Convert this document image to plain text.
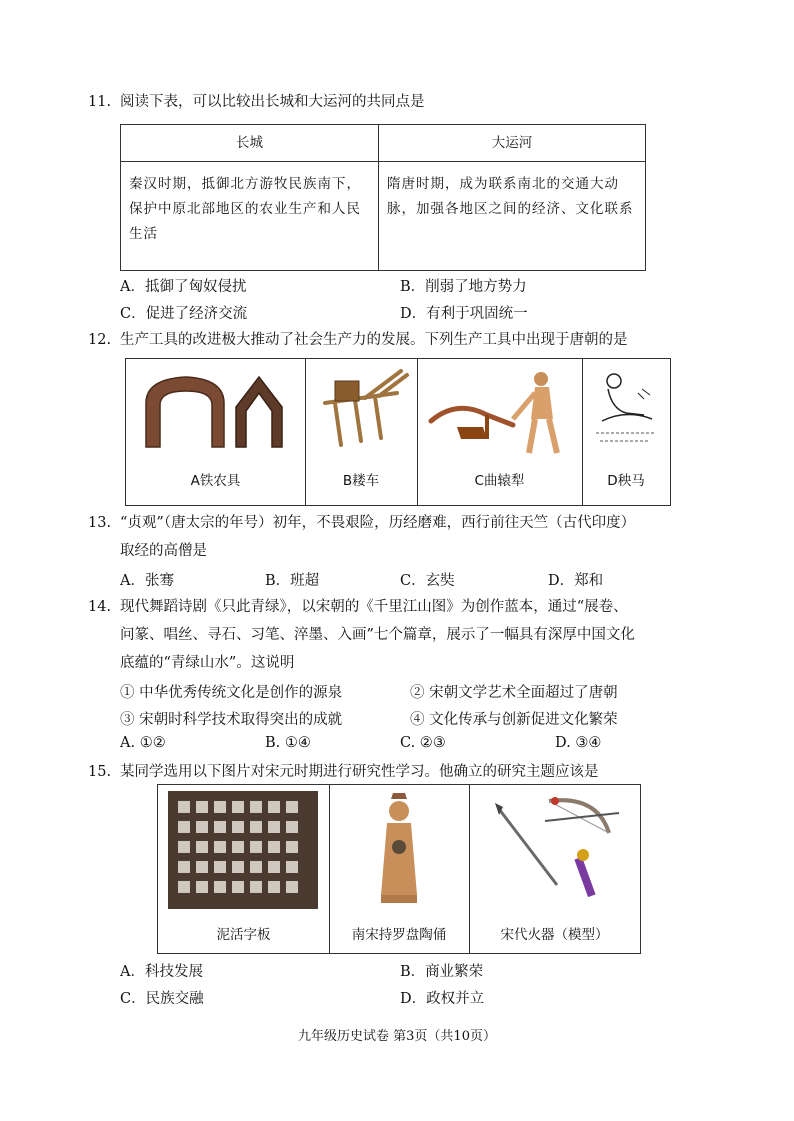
11. 阅读下表，可以比较出长城和大运河的共同点是
长城	大运河
秦汉时期，抵御北方游牧民族南下，保护中原北部地区的农业生产和人民生活	隋唐时期，成为联系南北的交通大动脉，加强各地区之间的经济、文化联系
A．抵御了匈奴侵扰	B．削弱了地方势力
C．促进了经济交流	D．有利于巩固统一
12. 生产工具的改进极大推动了社会生产力的发展。下列生产工具中出现于唐朝的是
A铁农具	B耧车	C曲辕犁	D秧马
13. “贞观”（唐太宗的年号）初年，不畏艰险，历经磨难，西行前往天竺（古代印度）
取经的高僧是
A．张骞	B．班超	C．玄奘	D．郑和
14. 现代舞蹈诗剧《只此青绿》，以宋朝的《千里江山图》为创作蓝本，通过“展卷、
问篆、唱丝、寻石、习笔、淬墨、入画”七个篇章，展示了一幅具有深厚中国文化
底蕴的“青绿山水”。这说明
① 中华优秀传统文化是创作的源泉	② 宋朝文学艺术全面超过了唐朝
③ 宋朝时科学技术取得突出的成就	④ 文化传承与创新促进文化繁荣
A. ①②	B. ①④	C. ②③	D. ③④
15. 某同学选用以下图片对宋元时期进行研究性学习。他确立的研究主题应该是
泥活字板	南宋持罗盘陶俑	宋代火器（模型）
A．科技发展	B．商业繁荣
C．民族交融	D．政权并立
九年级历史试卷 第3页（共10页）
